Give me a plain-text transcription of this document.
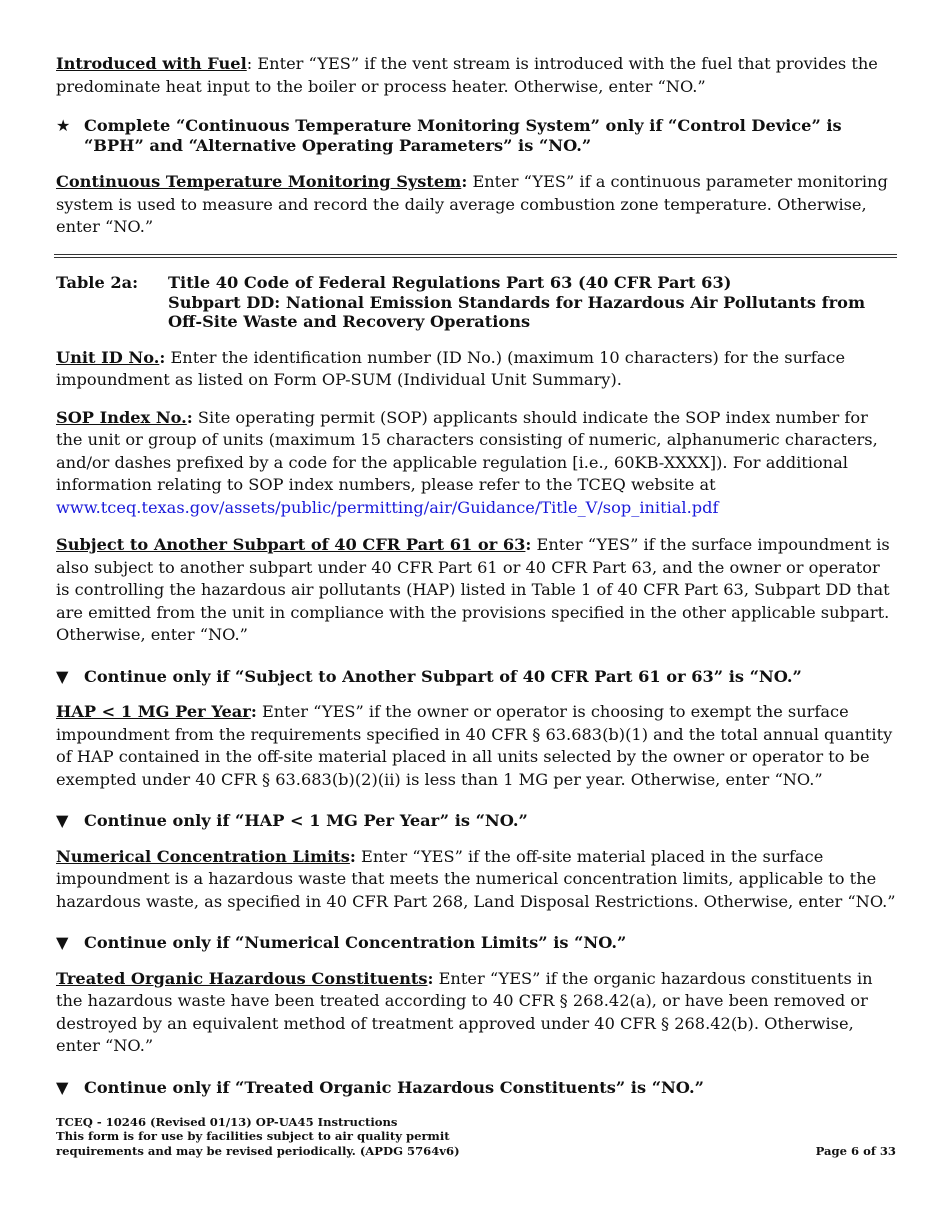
Introduced with Fuel: Enter “YES” if the vent stream is introduced with the fuel that provides the predominate heat input to the boiler or process heater. Otherwise, enter “NO.”

★ Complete “Continuous Temperature Monitoring System” only if “Control Device” is “BPH” and “Alternative Operating Parameters” is “NO.”

Continuous Temperature Monitoring System: Enter “YES” if a continuous parameter monitoring system is used to measure and record the daily average combustion zone temperature. Otherwise, enter “NO.”

Table 2a:	Title 40 Code of Federal Regulations Part 63 (40 CFR Part 63)
Subpart DD: National Emission Standards for Hazardous Air Pollutants from
Off-Site Waste and Recovery Operations

Unit ID No.: Enter the identification number (ID No.) (maximum 10 characters) for the surface impoundment as listed on Form OP-SUM (Individual Unit Summary).

SOP Index No.: Site operating permit (SOP) applicants should indicate the SOP index number for the unit or group of units (maximum 15 characters consisting of numeric, alphanumeric characters, and/or dashes prefixed by a code for the applicable regulation [i.e., 60KB-XXXX]). For additional information relating to SOP index numbers, please refer to the TCEQ website at
www.tceq.texas.gov/assets/public/permitting/air/Guidance/Title_V/sop_initial.pdf

Subject to Another Subpart of 40 CFR Part 61 or 63: Enter “YES” if the surface impoundment is also subject to another subpart under 40 CFR Part 61 or 40 CFR Part 63, and the owner or operator is controlling the hazardous air pollutants (HAP) listed in Table 1 of 40 CFR Part 63, Subpart DD that are emitted from the unit in compliance with the provisions specified in the other applicable subpart. Otherwise, enter “NO.”

▼ Continue only if “Subject to Another Subpart of 40 CFR Part 61 or 63” is “NO.”

HAP < 1 MG Per Year: Enter “YES” if the owner or operator is choosing to exempt the surface impoundment from the requirements specified in 40 CFR § 63.683(b)(1) and the total annual quantity of HAP contained in the off-site material placed in all units selected by the owner or operator to be exempted under 40 CFR § 63.683(b)(2)(ii) is less than 1 MG per year. Otherwise, enter “NO.”

▼ Continue only if “HAP < 1 MG Per Year” is “NO.”

Numerical Concentration Limits: Enter “YES” if the off-site material placed in the surface impoundment is a hazardous waste that meets the numerical concentration limits, applicable to the hazardous waste, as specified in 40 CFR Part 268, Land Disposal Restrictions. Otherwise, enter “NO.”

▼ Continue only if “Numerical Concentration Limits” is “NO.”

Treated Organic Hazardous Constituents: Enter “YES” if the organic hazardous constituents in the hazardous waste have been treated according to 40 CFR § 268.42(a), or have been removed or destroyed by an equivalent method of treatment approved under 40 CFR § 268.42(b). Otherwise, enter “NO.”

▼ Continue only if “Treated Organic Hazardous Constituents” is “NO.”

TCEQ - 10246 (Revised 01/13) OP-UA45 Instructions
This form is for use by facilities subject to air quality permit
requirements and may be revised periodically. (APDG 5764v6)	Page 6 of 33
